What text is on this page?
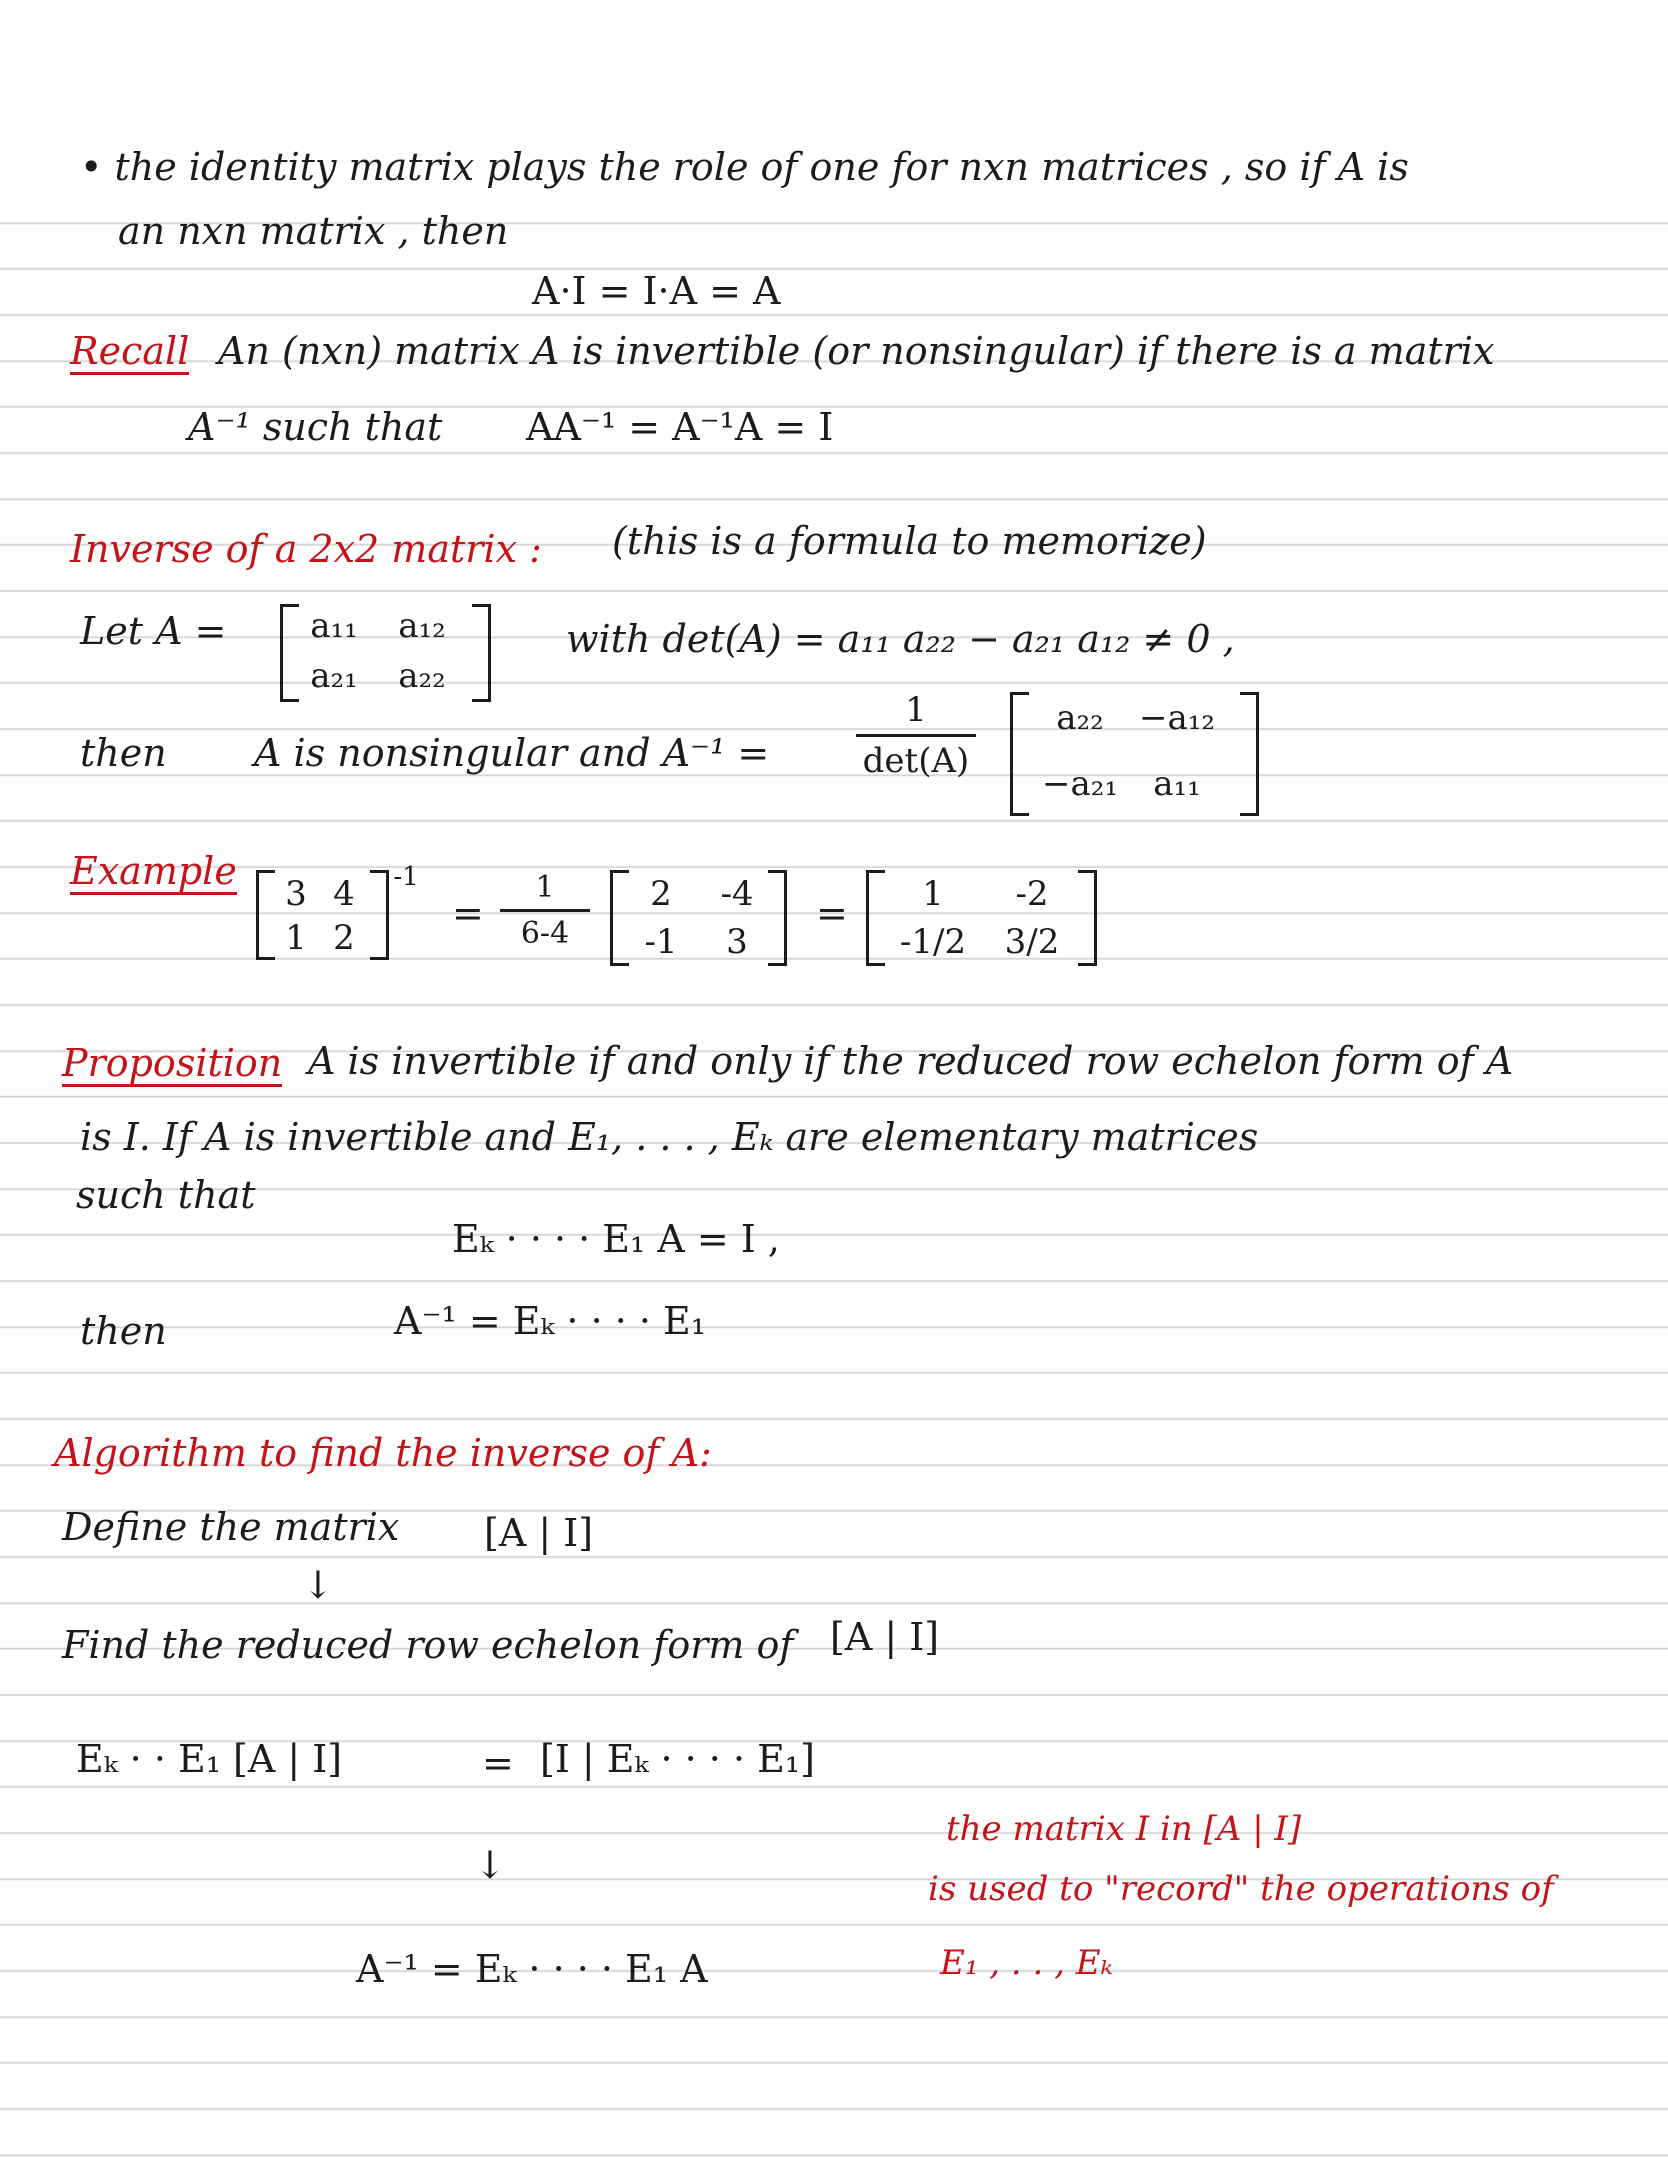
• the identity matrix plays the role of one for nxn matrices , so if A is
an nxn matrix , then
A·I = I·A = A
Recall An (nxn) matrix A is invertible (or nonsingular) if there is a matrix
A⁻¹ such that AA⁻¹ = A⁻¹A = I
Inverse of a 2x2 matrix : (this is a formula to memorize)
Let A = a₁₁ a₁₂
a₂₁ a₂₂
with det(A) = a₁₁ a₂₂ − a₂₁ a₁₂ ≠ 0 ,
then A is nonsingular and A⁻¹ =
1
det(A)
a₂₂	−a₁₂
−a₂₁	a₁₁
Example
3 4
1 2
-1
= $\frac{1}{6-4}$	2	-4
-1	3
=	1	-2
-1/2	3/2
Proposition A is invertible if and only if the reduced row echelon form of A
is I. If A is invertible and E₁, . . . , Eₖ are elementary matrices
such that
Eₖ · · · · E₁ A = I ,
then	A⁻¹ = Eₖ · · · · E₁
Algorithm to find the inverse of A:
Define the matrix [A | I]
↓
Find the reduced row echelon form of [A | I]
Eₖ · · E₁ [A | I]	= [I | Eₖ · · · · E₁]
↓
A⁻¹ = Eₖ · · · · E₁ A
the matrix I in [A | I]
is used to "record" the operations of
E₁ , . . , Eₖ
